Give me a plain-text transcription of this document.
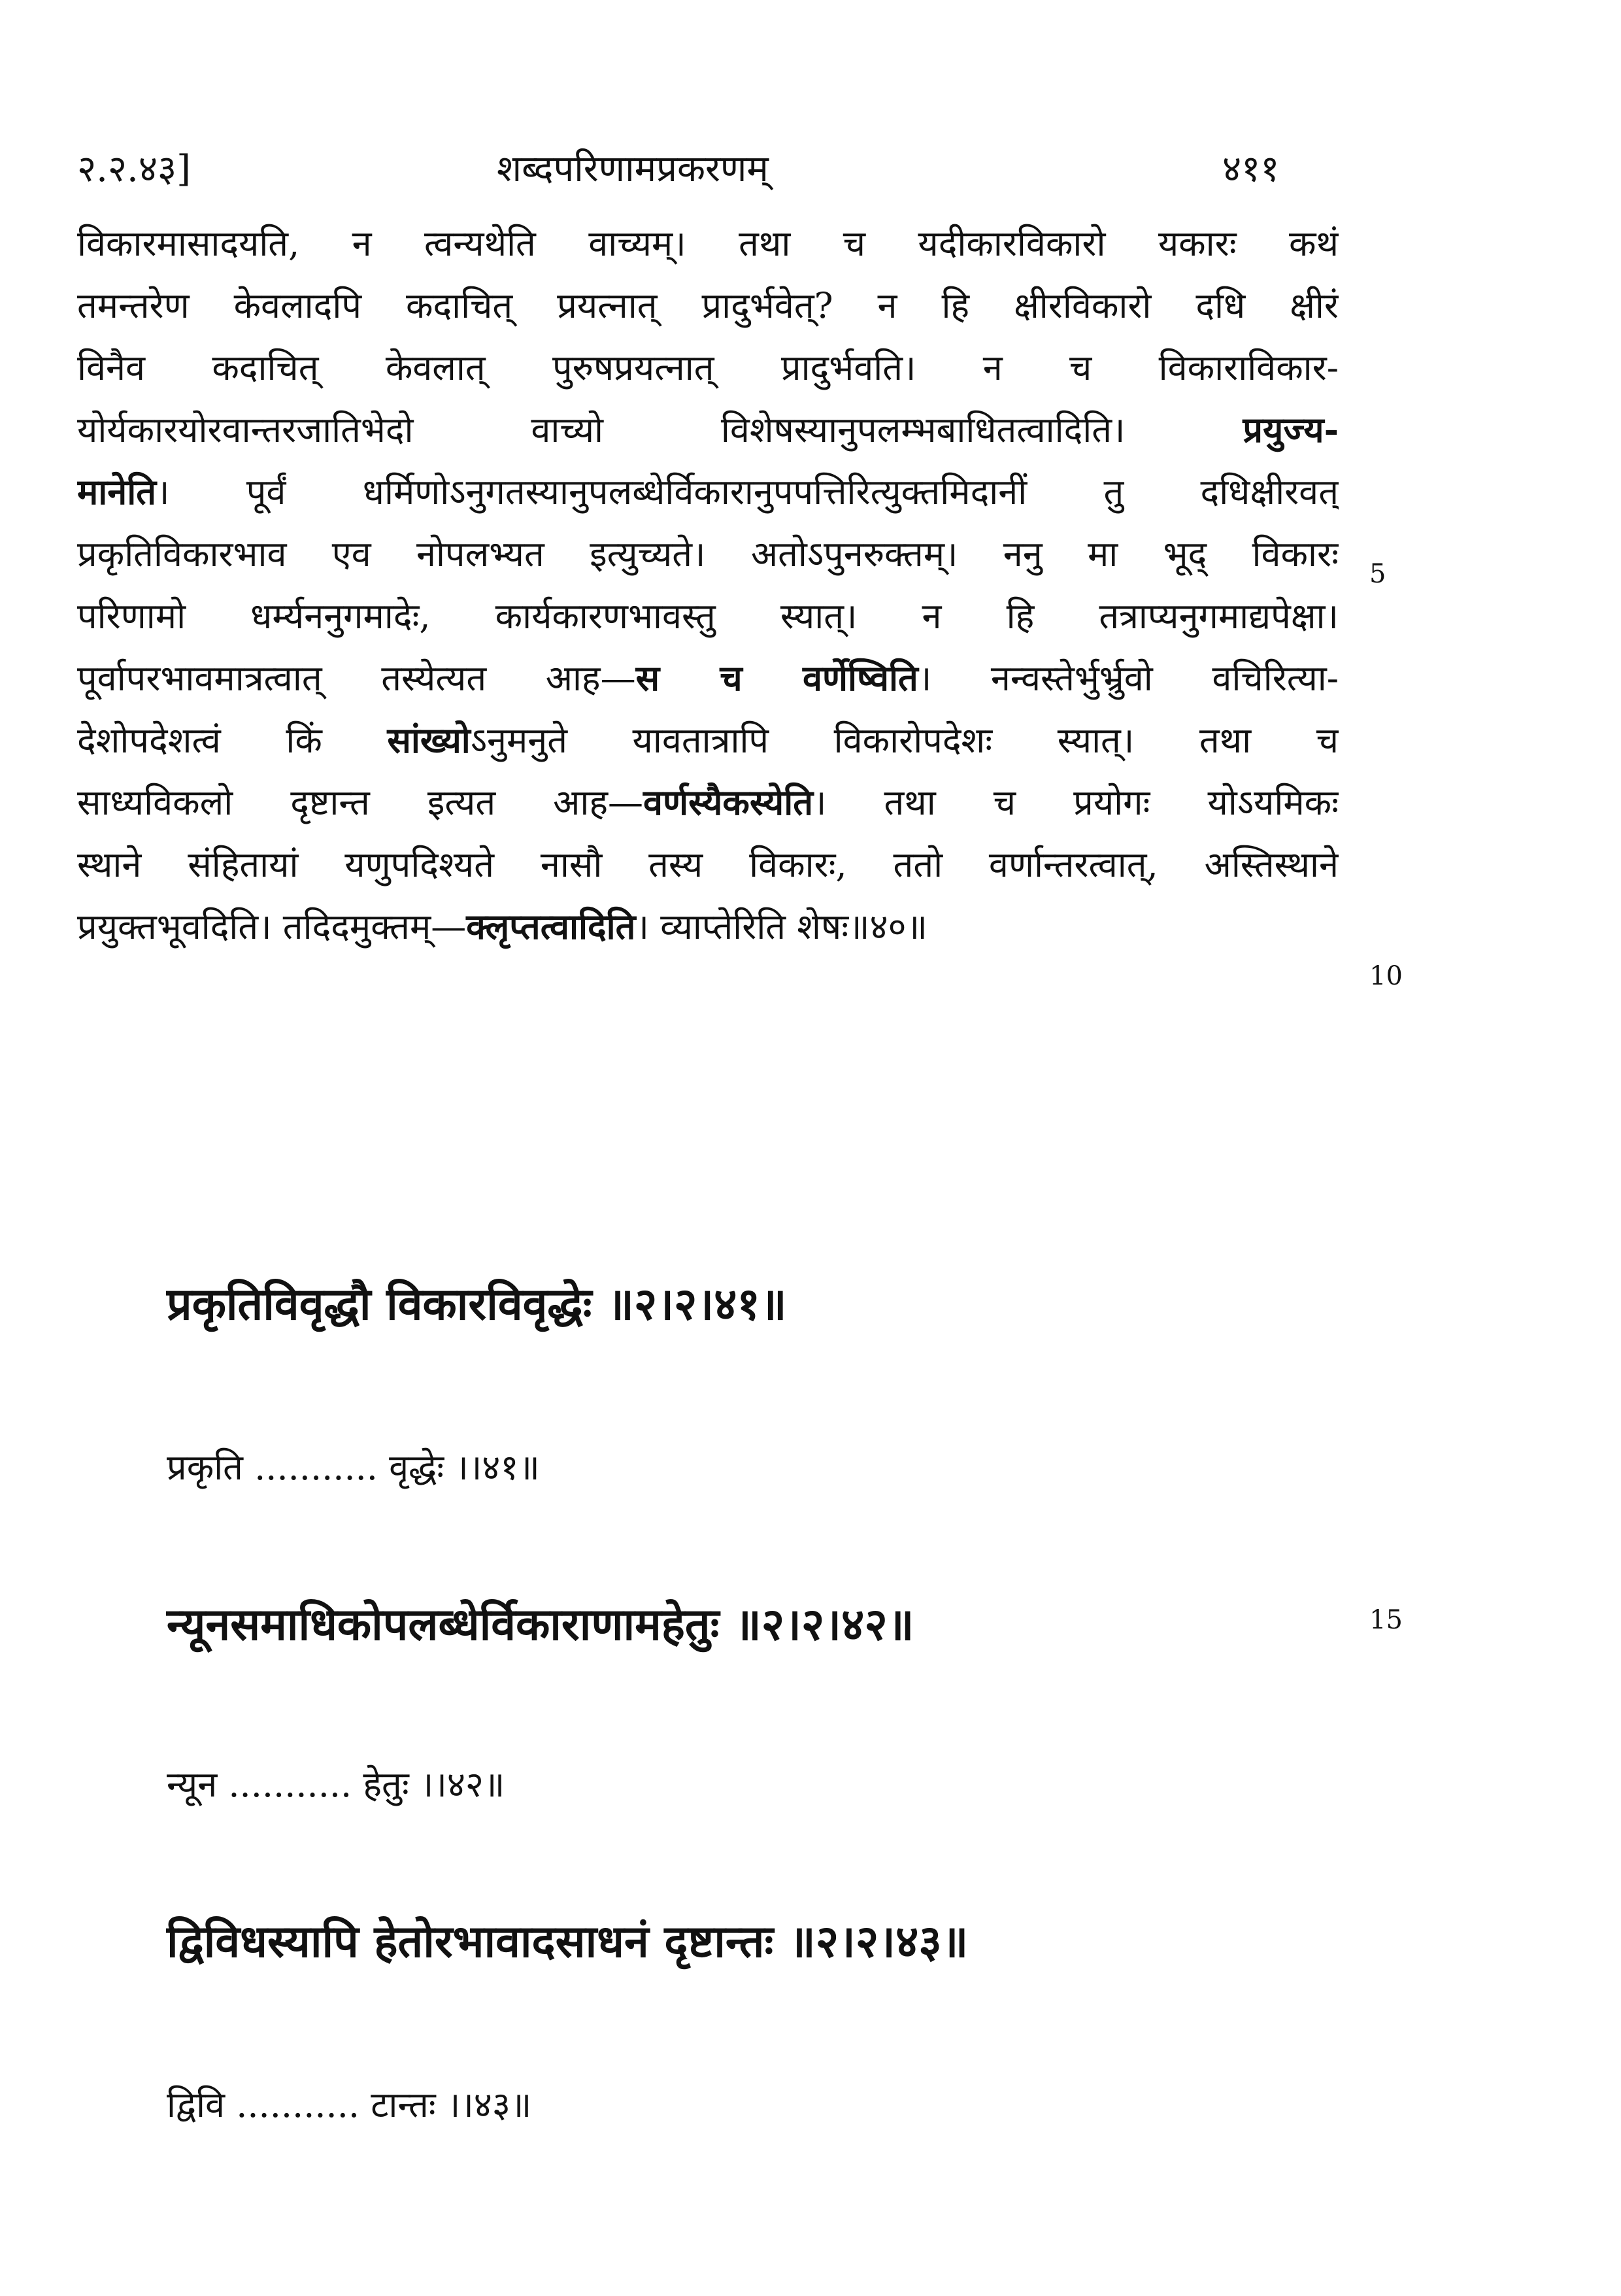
२.२.४३]	शब्दपरिणामप्रकरणम्	४११
विकारमासादयति, न त्वन्यथेति वाच्यम्। तथा च यदीकारविकारो यकारः कथं
तमन्तरेण केवलादपि कदाचित् प्रयत्नात् प्रादुर्भवेत्? न हि क्षीरविकारो दधि क्षीरं
विनैव कदाचित् केवलात् पुरुषप्रयत्नात् प्रादुर्भवति। न च विकाराविकार-
योर्यकारयोरवान्तरजातिभेदो वाच्यो विशेषस्यानुपलम्भबाधितत्वादिति। प्रयुज्य-
मानेति। पूर्वं धर्मिणोऽनुगतस्यानुपलब्धेर्विकारानुपपत्तिरित्युक्तमिदानीं तु दधिक्षीरवत्
प्रकृतिविकारभाव एव नोपलभ्यत इत्युच्यते। अतोऽपुनरुक्तम्। ननु मा भूद् विकारः
परिणामो धर्म्यननुगमादेः, कार्यकारणभावस्तु स्यात्। न हि तत्राप्यनुगमाद्यपेक्षा।
पूर्वापरभावमात्रत्वात् तस्येत्यत आह—स च वर्णेष्विति। नन्वस्तेर्भुर्भ्रुवो वचिरित्या-
देशोपदेशत्वं किं सांख्योऽनुमनुते यावतात्रापि विकारोपदेशः स्यात्। तथा च
साध्यविकलो दृष्टान्त इत्यत आह—वर्णस्यैकस्येति। तथा च प्रयोगः योऽयमिकः
स्थाने संहितायां यणुपदिश्यते नासौ तस्य विकारः, ततो वर्णान्तरत्वात्, अस्तिस्थाने
प्रयुक्तभूवदिति। तदिदमुक्तम्—क्लृप्तत्वादिति। व्याप्तेरिति शेषः॥४०॥
5
10
15
प्रकृतिविवृद्धौ विकारविवृद्धेः ॥२।२।४१॥
प्रकृति ........... वृद्धेः ।।४१॥
न्यूनसमाधिकोपलब्धेर्विकाराणामहेतुः ॥२।२।४२॥
न्यून ........... हेतुः ।।४२॥
द्विविधस्यापि हेतोरभावादसाधनं दृष्टान्तः ॥२।२।४३॥
द्विवि ........... टान्तः ।।४३॥
